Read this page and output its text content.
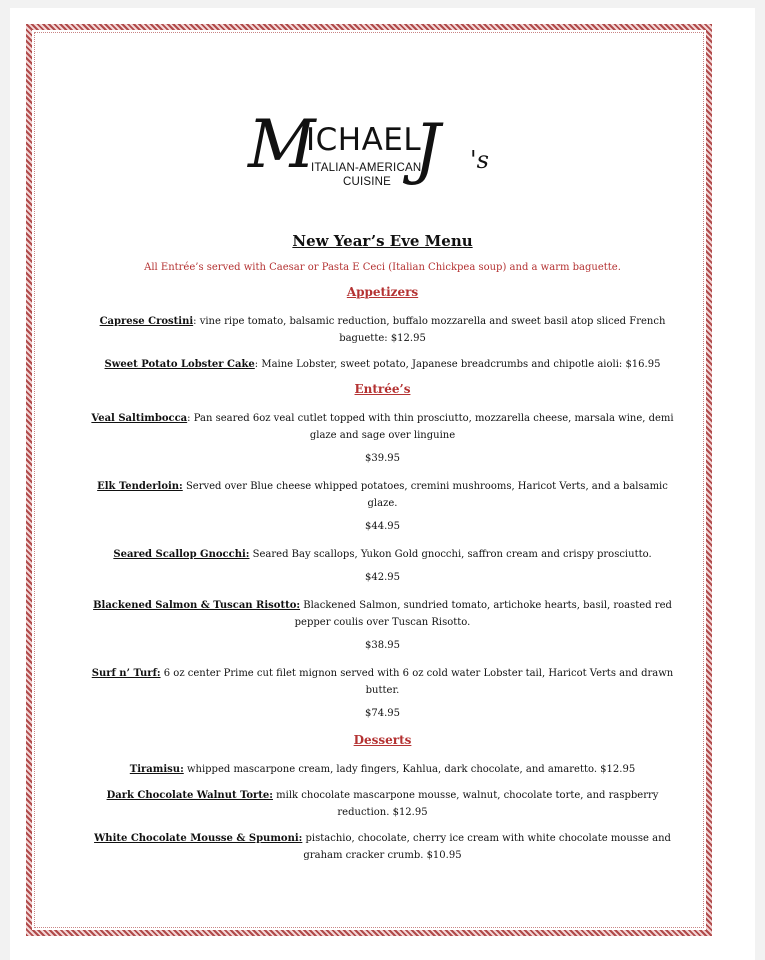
M
ICHAEL
J 's
ITALIAN-AMERICAN
CUISINE

New Year’s Eve Menu

All Entrée’s served with Caesar or Pasta E Ceci (Italian Chickpea soup) and a warm baguette.

Appetizers

Caprese Crostini: vine ripe tomato, balsamic reduction, buffalo mozzarella and sweet basil atop sliced French baguette: $12.95

Sweet Potato Lobster Cake: Maine Lobster, sweet potato, Japanese breadcrumbs and chipotle aioli: $16.95

Entrée’s

Veal Saltimbocca: Pan seared 6oz veal cutlet topped with thin prosciutto, mozzarella cheese, marsala wine, demi glaze and sage over linguine

$39.95

Elk Tenderloin: Served over Blue cheese whipped potatoes, cremini mushrooms, Haricot Verts, and a balsamic glaze.

$44.95

Seared Scallop Gnocchi: Seared Bay scallops, Yukon Gold gnocchi, saffron cream and crispy prosciutto.

$42.95

Blackened Salmon & Tuscan Risotto: Blackened Salmon, sundried tomato, artichoke hearts, basil, roasted red pepper coulis over Tuscan Risotto.

$38.95

Surf n’ Turf: 6 oz center Prime cut filet mignon served with 6 oz cold water Lobster tail, Haricot Verts and drawn butter.

$74.95

Desserts

Tiramisu: whipped mascarpone cream, lady fingers, Kahlua, dark chocolate, and amaretto. $12.95

Dark Chocolate Walnut Torte: milk chocolate mascarpone mousse, walnut, chocolate torte, and raspberry reduction. $12.95

White Chocolate Mousse & Spumoni: pistachio, chocolate, cherry ice cream with white chocolate mousse and graham cracker crumb. $10.95
